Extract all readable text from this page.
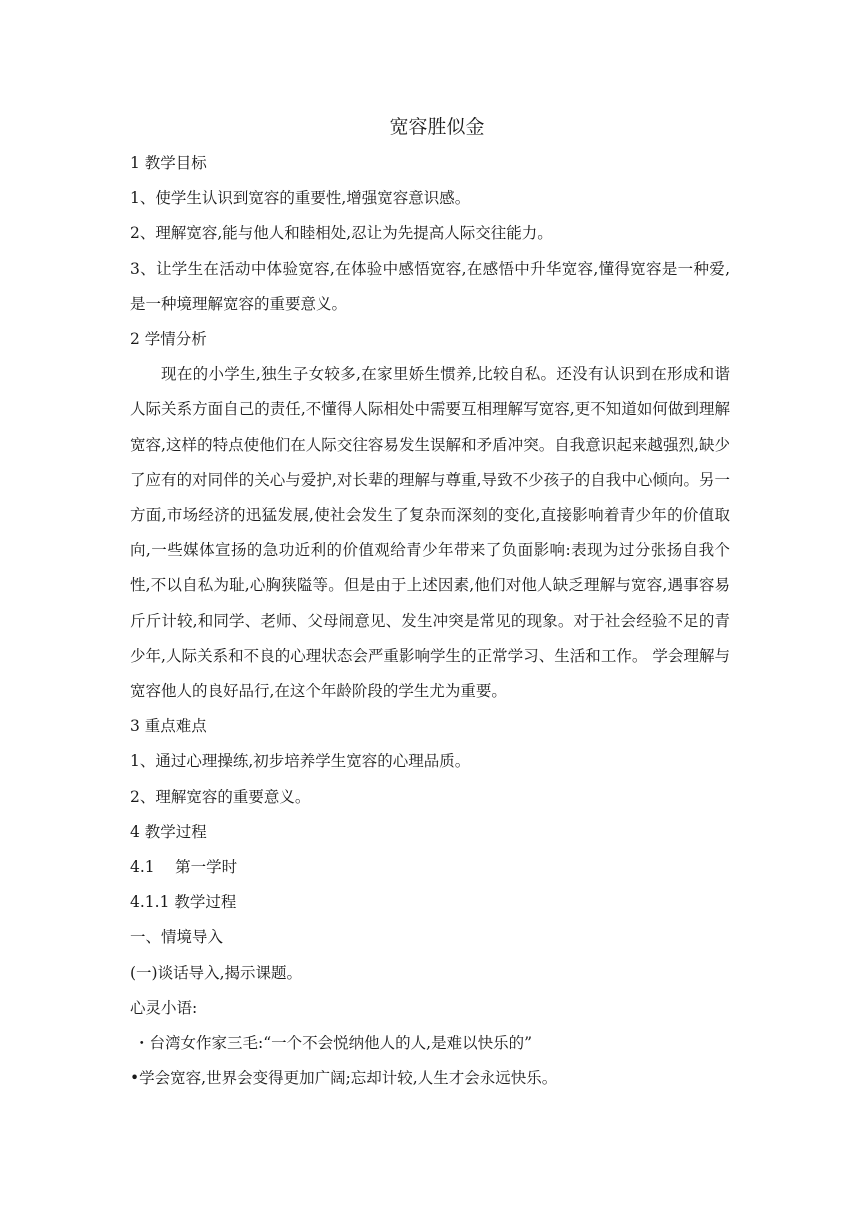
宽容胜似金

1 教学目标

1、使学生认识到宽容的重要性,增强宽容意识感。

2、理解宽容,能与他人和睦相处,忍让为先提高人际交往能力。

3、让学生在活动中体验宽容,在体验中感悟宽容,在感悟中升华宽容,懂得宽容是一种爱,是一种境理解宽容的重要意义。

2 学情分析

现在的小学生,独生子女较多,在家里娇生惯养,比较自私。还没有认识到在形成和谐人际关系方面自己的责任,不懂得人际相处中需要互相理解写宽容,更不知道如何做到理解宽容,这样的特点使他们在人际交往容易发生误解和矛盾冲突。自我意识起来越强烈,缺少了应有的对同伴的关心与爱护,对长辈的理解与尊重,导致不少孩子的自我中心倾向。另一方面,市场经济的迅猛发展,使社会发生了复杂而深刻的变化,直接影响着青少年的价值取向,一些媒体宣扬的急功近利的价值观给青少年带来了负面影响:表现为过分张扬自我个性,不以自私为耻,心胸狭隘等。但是由于上述因素,他们对他人缺乏理解与宽容,遇事容易斤斤计较,和同学、老师、父母闹意见、发生冲突是常见的现象。对于社会经验不足的青少年,人际关系和不良的心理状态会严重影响学生的正常学习、生活和工作。 学会理解与宽容他人的良好品行,在这个年龄阶段的学生尤为重要。

3 重点难点

1、通过心理操练,初步培养学生宽容的心理品质。

2、理解宽容的重要意义。

4 教学过程

4.1　 第一学时

4.1.1 教学过程

一、情境导入

(一)谈话导入,揭示课题。

心灵小语:

・台湾女作家三毛:“一个不会悦纳他人的人,是难以快乐的”

•学会宽容,世界会变得更加广阔;忘却计较,人生才会永远快乐。
